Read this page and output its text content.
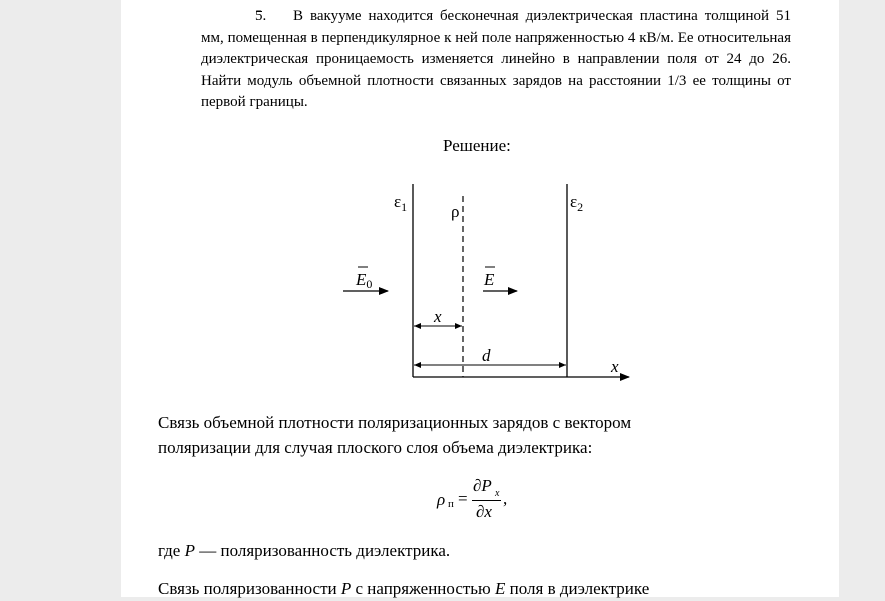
5. В вакууме находится бесконечная диэлектрическая пластина толщиной 51 мм, помещенная в перпендикулярное к ней поле напряженностью 4 кВ/м. Ее относительная диэлектрическая проницаемость изменяется линейно в направлении поля от 24 до 26. Найти модуль объемной плотности связанных зарядов на расстоянии 1/3 ее толщины от первой границы.
Решение:
$\varepsilon_1$	$\varepsilon_2$
ρ
E0	E
x
d
x
Связь объемной плотности поляризационных зарядов с вектором
поляризации для случая плоского слоя объема диэлектрика:
ρ п =
∂P x
∂x
,
где P — поляризованность диэлектрика.
Связь поляризованности P с напряженностью E поля в диэлектрике
